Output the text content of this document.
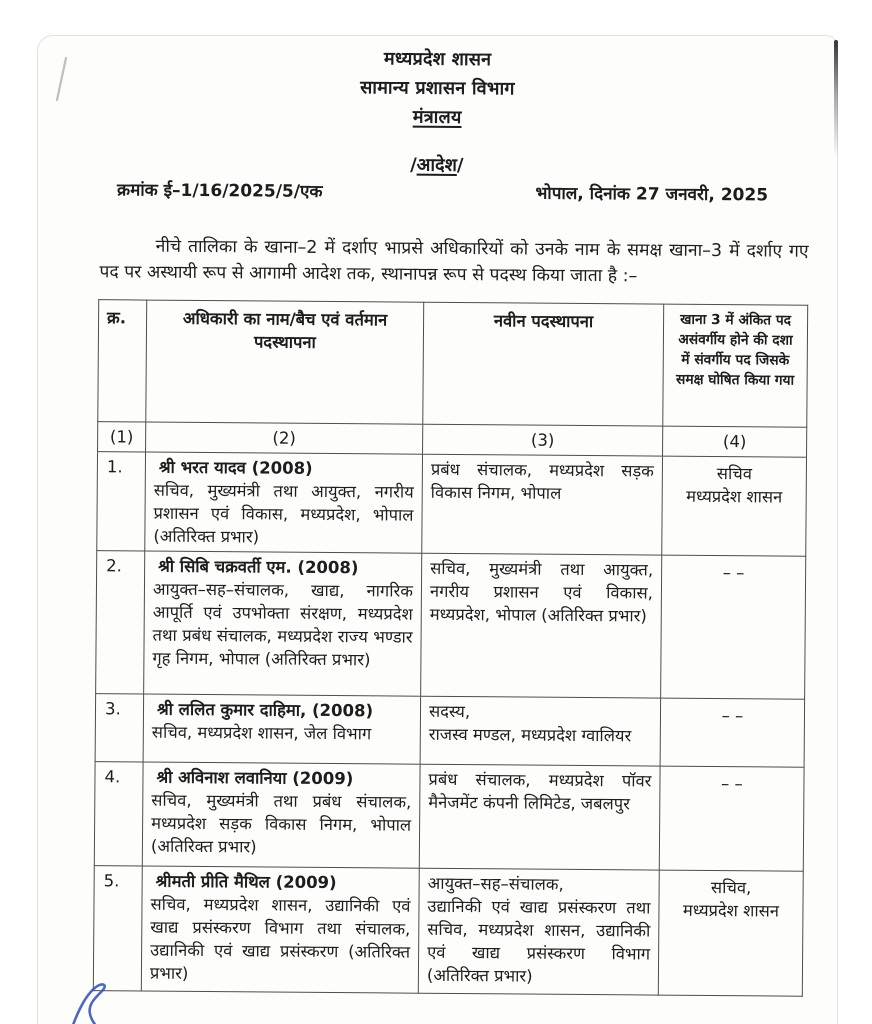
मध्यप्रदेश शासन
सामान्य प्रशासन विभाग
मंत्रालय
/आदेश/
क्रमांक ई–1/16/2025/5/एक	भोपाल, दिनांक 27 जनवरी, 2025

नीचे तालिका के खाना–2 में दर्शाए भाप्रसे अधिकारियों को उनके नाम के समक्ष खाना–3 में दर्शाए गए पद पर अस्थायी रूप से आगामी आदेश तक, स्थानापन्न रूप से पदस्थ किया जाता है :–

क्र.	अधिकारी का नाम/बैच एवं वर्तमान पदस्थापना	नवीन पदस्थापना	खाना 3 में अंकित पद असंवर्गीय होने की दशा में संवर्गीय पद जिसके समक्ष घोषित किया गया
(1)	(2)	(3)	(4)
1.	श्री भरत यादव (2008)
सचिव, मुख्यमंत्री तथा आयुक्त, नगरीय प्रशासन एवं विकास, मध्यप्रदेश, भोपाल (अतिरिक्त प्रभार)
	प्रबंध संचालक, मध्यप्रदेश सड़क विकास निगम, भोपाल	सचिव
मध्यप्रदेश शासन
2.	श्री सिबि चक्रवर्ती एम. (2008)
आयुक्त–सह–संचालक, खाद्य, नागरिक आपूर्ति एवं उपभोक्ता संरक्षण, मध्यप्रदेश तथा प्रबंध संचालक, मध्यप्रदेश राज्य भण्डार गृह निगम, भोपाल (अतिरिक्त प्रभार)	सचिव, मुख्यमंत्री तथा आयुक्त, नगरीय प्रशासन एवं विकास, मध्यप्रदेश, भोपाल (अतिरिक्त प्रभार)	– –
3.	श्री ललित कुमार दाहिमा, (2008)
सचिव, मध्यप्रदेश शासन, जेल विभाग
	सदस्य,
राजस्व मण्डल, मध्यप्रदेश ग्वालियर	– –
4.	श्री अविनाश लवानिया (2009)
सचिव, मुख्यमंत्री तथा प्रबंध संचालक, मध्यप्रदेश सड़क विकास निगम, भोपाल (अतिरिक्त प्रभार)	प्रबंध संचालक, मध्यप्रदेश पॉवर मैनेजमेंट कंपनी लिमिटेड, जबलपुर	– –
5.	श्रीमती प्रीति मैथिल (2009)
सचिव, मध्यप्रदेश शासन, उद्यानिकी एवं खाद्य प्रसंस्करण विभाग तथा संचालक, उद्यानिकी एवं खाद्य प्रसंस्करण (अतिरिक्त प्रभार)
	आयुक्त–सह–संचालक,
उद्यानिकी एवं खाद्य प्रसंस्करण तथा सचिव, मध्यप्रदेश शासन, उद्यानिकी एवं खाद्य प्रसंस्करण विभाग (अतिरिक्त प्रभार)	सचिव,
मध्यप्रदेश शासन
